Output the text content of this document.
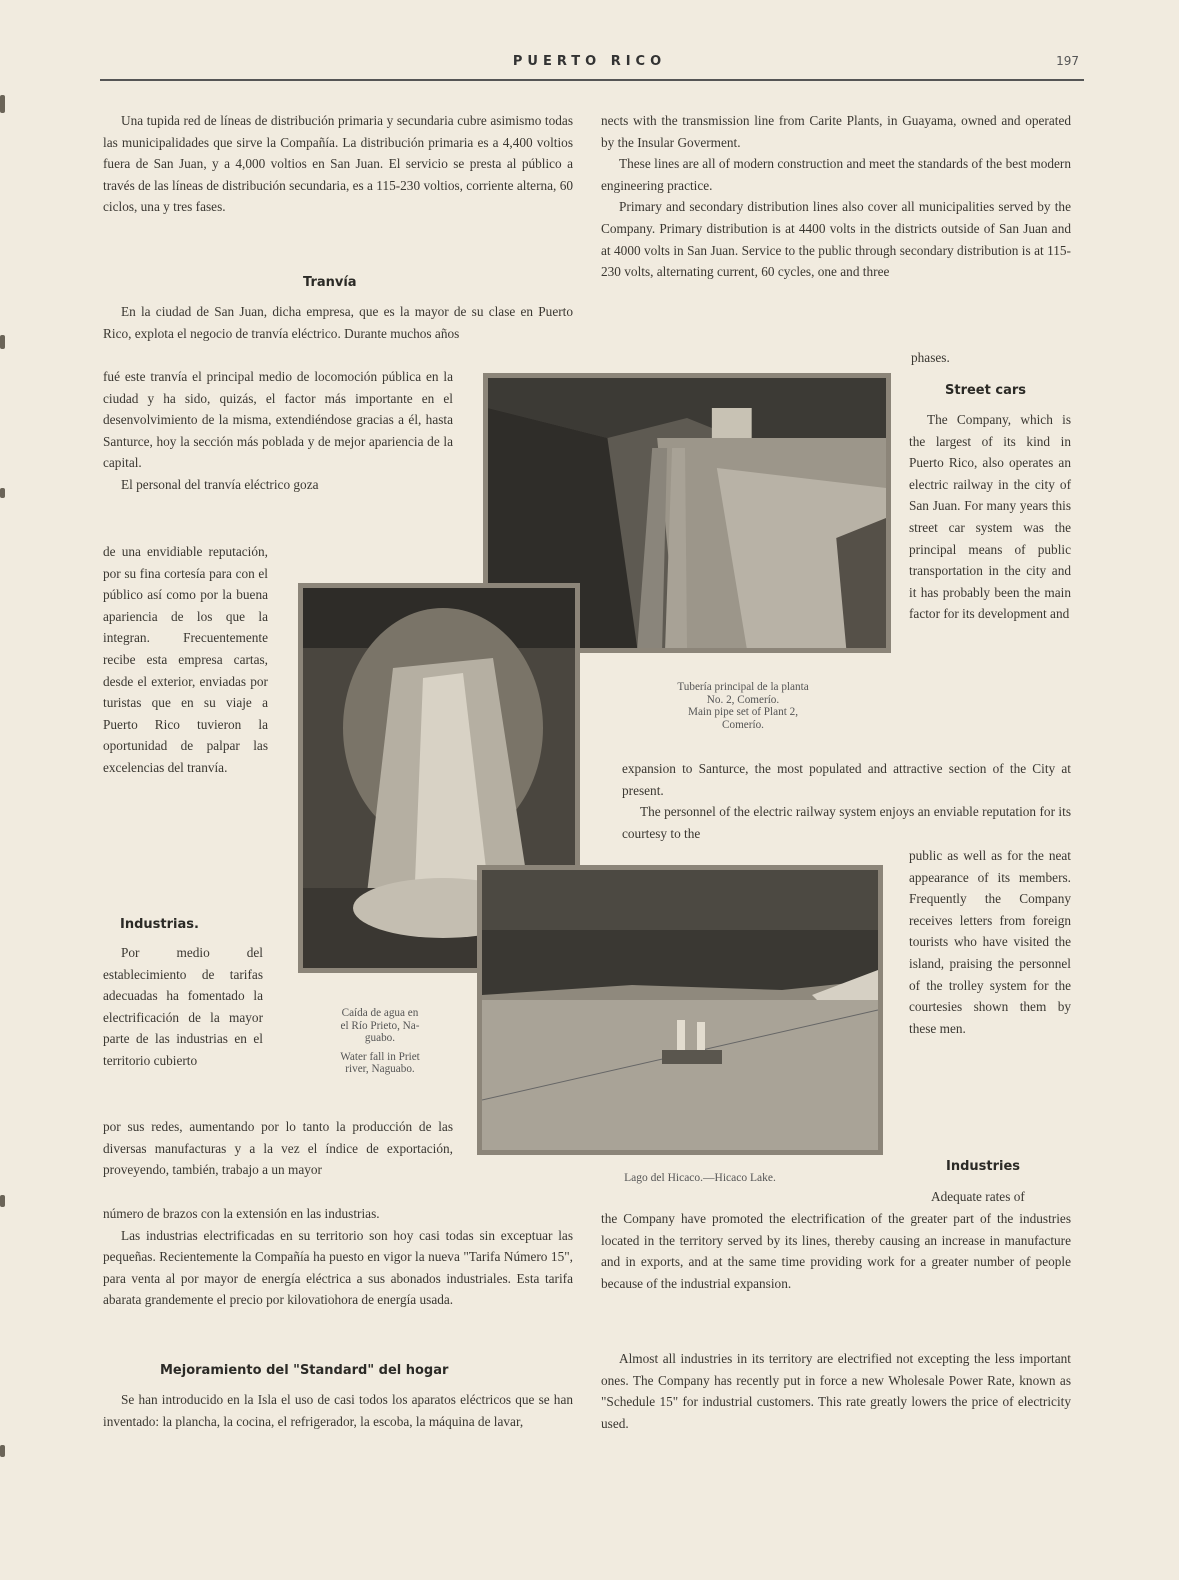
PUERTO RICO	197

Una tupida red de líneas de distribución primaria y secundaria cubre asimismo todas las municipalidades que sirve la Compañía. La distribución primaria es a 4,400 voltios fuera de San Juan, y a 4,000 voltios en San Juan. El servicio se presta al público a través de las líneas de distribución secundaria, es a 115-230 voltios, corriente alterna, 60 ciclos, una y tres fases.

Tranvía

En la ciudad de San Juan, dicha empresa, que es la mayor de su clase en Puerto Rico, explota el negocio de tranvía eléctrico. Durante muchos años

fué este tranvía el principal medio de locomoción pública en la ciudad y ha sido, quizás, el factor más importante en el desenvolvimiento de la misma, extendiéndose gracias a él, hasta Santurce, hoy la sección más poblada y de mejor apariencia de la capital.

El personal del tranvía eléctrico goza

de una envidiable reputación, por su fina cortesía para con el público así como por la buena apariencia de los que la integran. Frecuentemente recibe esta empresa cartas, desde el exterior, enviadas por turistas que en su viaje a Puerto Rico tuvieron la oportunidad de palpar las excelencias del tranvía.

Industrias.

Por medio del establecimiento de tarifas adecuadas ha fomentado la electrificación de la mayor parte de las industrias en el territorio cubierto

por sus redes, aumentando por lo tanto la producción de las diversas manufacturas y a la vez el índice de exportación, proveyendo, también, trabajo a un mayor

número de brazos con la extensión en las industrias.

Las industrias electrificadas en su territorio son hoy casi todas sin exceptuar las pequeñas. Recientemente la Compañía ha puesto en vigor la nueva "Tarifa Número 15", para venta al por mayor de energía eléctrica a sus abonados industriales. Esta tarifa abarata grandemente el precio por kilovatiohora de energía usada.

Mejoramiento del "Standard" del hogar

Se han introducido en la Isla el uso de casi todos los aparatos eléctricos que se han inventado: la plancha, la cocina, el refrigerador, la escoba, la máquina de lavar,

nects with the transmission line from Carite Plants, in Guayama, owned and operated by the Insular Goverment.

These lines are all of modern construction and meet the standards of the best modern engineering practice.

Primary and secondary distribution lines also cover all municipalities served by the Company. Primary distribution is at 4400 volts in the districts outside of San Juan and at 4000 volts in San Juan. Service to the public through secondary distribution is at 115-230 volts, alternating current, 60 cycles, one and three

phases.

Street cars

The Company, which is the largest of its kind in Puerto Rico, also operates an electric railway in the city of San Juan. For many years this street car system was the principal means of public transportation in the city and it has probably been the main factor for its development and

expansion to Santurce, the most populated and attractive section of the City at present.

The personnel of the electric railway system enjoys an enviable reputation for its courtesy to the

public as well as for the neat appearance of its members. Frequently the Company receives letters from foreign tourists who have visited the island, praising the personnel of the trolley system for the courtesies shown them by these men.

Industries

Adequate rates of

the Company have promoted the electrification of the greater part of the industries located in the territory served by its lines, thereby causing an increase in manufacture and in exports, and at the same time providing work for a greater number of people because of the industrial expansion.

Almost all industries in its territory are electrified not excepting the less important ones. The Company has recently put in force a new Wholesale Power Rate, known as "Schedule 15" for industrial customers. This rate greatly lowers the price of electricity used.

Tubería principal de la planta
No. 2, Comerío.
Main pipe set of Plant 2,
Comerío.
Caída de agua en
el Río Prieto, Na-
guabo.
Water fall in Priet
river, Naguabo.
Lago del Hicaco.—Hicaco Lake.
